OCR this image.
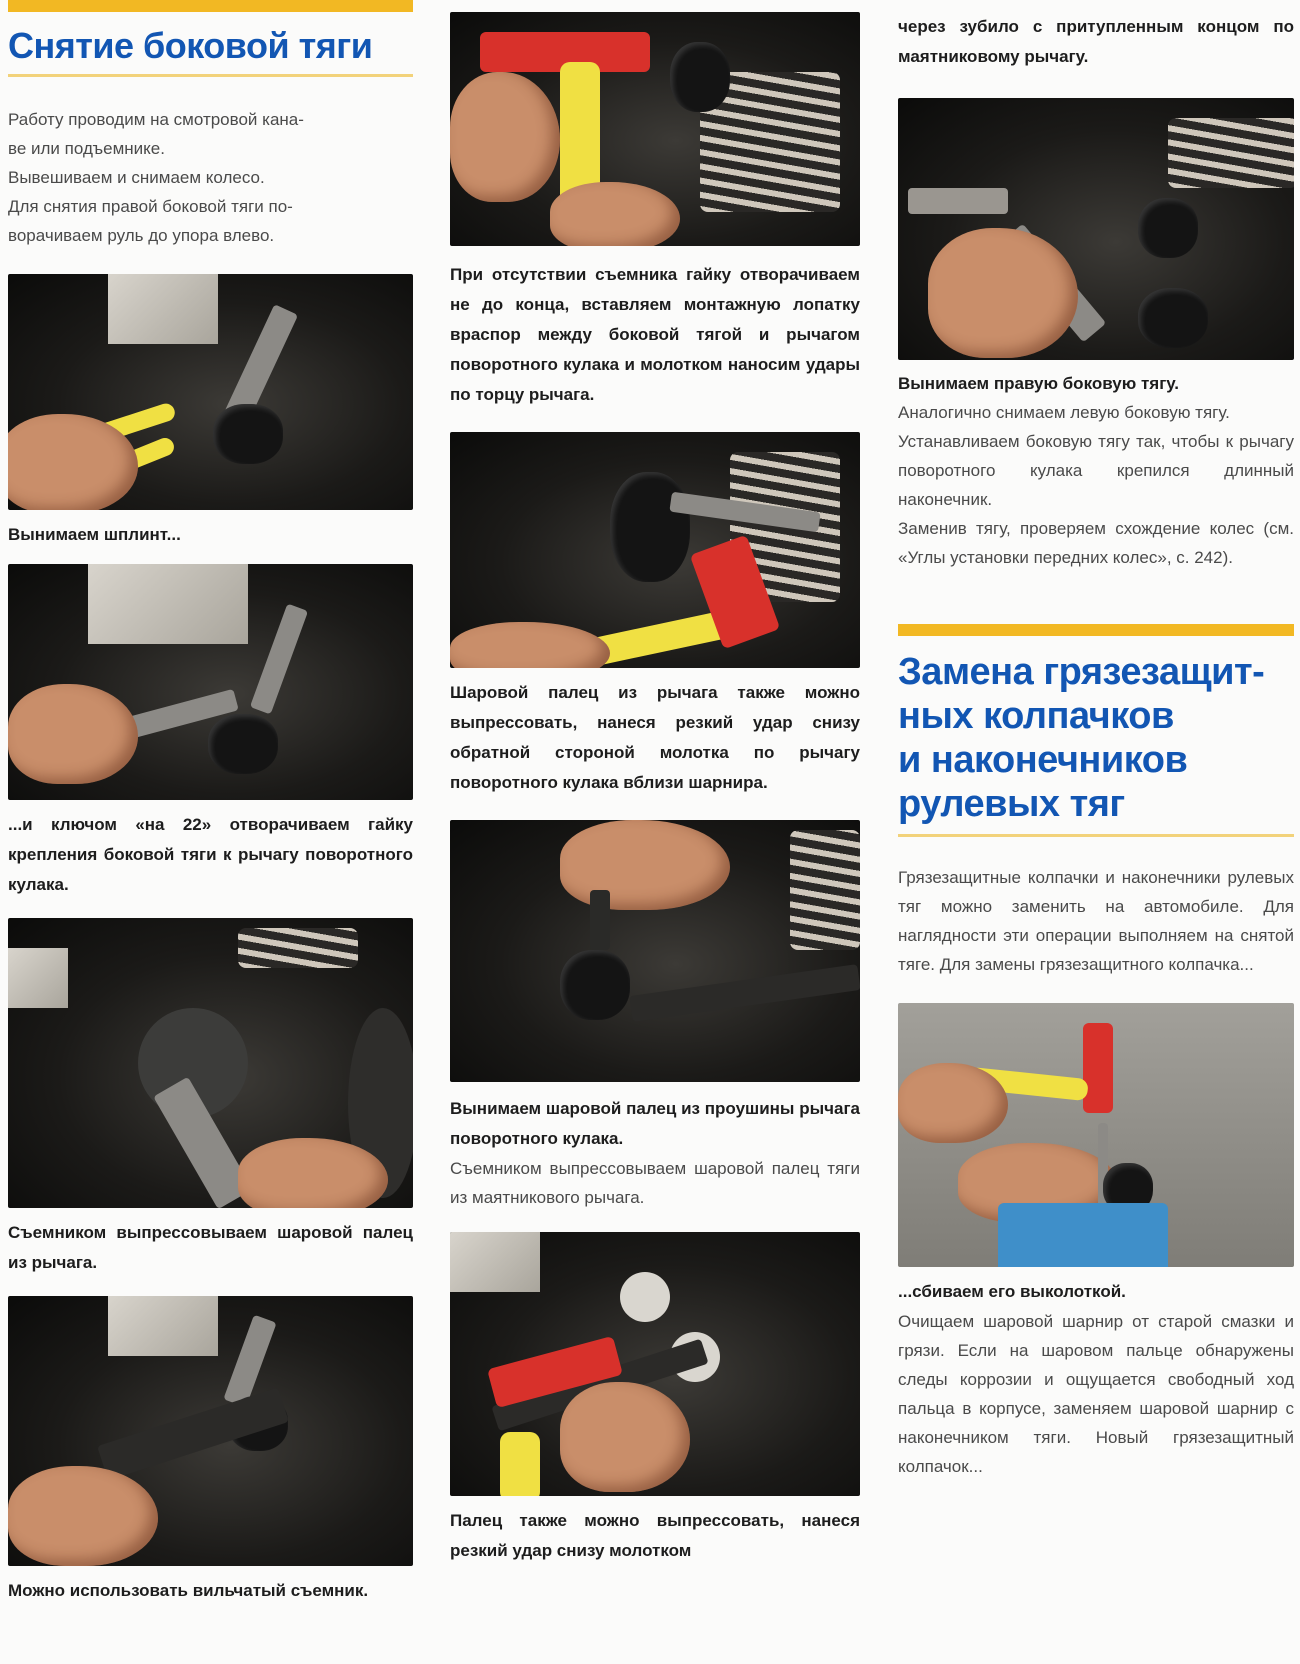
Снятие боковой тяги

Работу проводим на смотровой кана-

ве или подъемнике.

Вывешиваем и снимаем колесо.

Для снятия правой боковой тяги по-

ворачиваем руль до упора влево.

Вынимаем шплинт...

...и ключом «на 22» отворачиваем гайку крепления боковой тяги к рычагу поворотного кулака.

Съемником выпрессовываем шаровой палец из рычага.

Можно использовать вильчатый съемник.

При отсутствии съемника гайку отворачиваем не до конца, вставляем монтажную лопатку враспор между боковой тягой и рычагом поворотного кулака и молотком наносим удары по торцу рычага.

Шаровой палец из рычага также можно выпрессовать, нанеся резкий удар снизу обратной стороной молотка по рычагу поворотного кулака вблизи шарнира.

Вынимаем шаровой палец из проушины рычага поворотного кулака.

Съемником выпрессовываем шаровой палец тяги из маятникового рычага.

Палец также можно выпрессовать, нанеся резкий удар снизу молотком

через зубило с притупленным концом по маятниковому рычагу.

Вынимаем правую боковую тягу.

Аналогично снимаем левую боковую тягу.

Устанавливаем боковую тягу так, чтобы к рычагу поворотного кулака крепился длинный наконечник.

Заменив тягу, проверяем схождение колес (см. «Углы установки передних колес», с. 242).

Замена грязезащит-
ных колпачков
и наконечников
рулевых тяг

Грязезащитные колпачки и наконечники рулевых тяг можно заменить на автомобиле. Для наглядности эти операции выполняем на снятой тяге. Для замены грязезащитного колпачка...

...сбиваем его выколоткой.

Очищаем шаровой шарнир от старой смазки и грязи. Если на шаровом пальце обнаружены следы коррозии и ощущается свободный ход пальца в корпусе, заменяем шаровой шарнир с наконечником тяги. Новый грязезащитный колпачок...
